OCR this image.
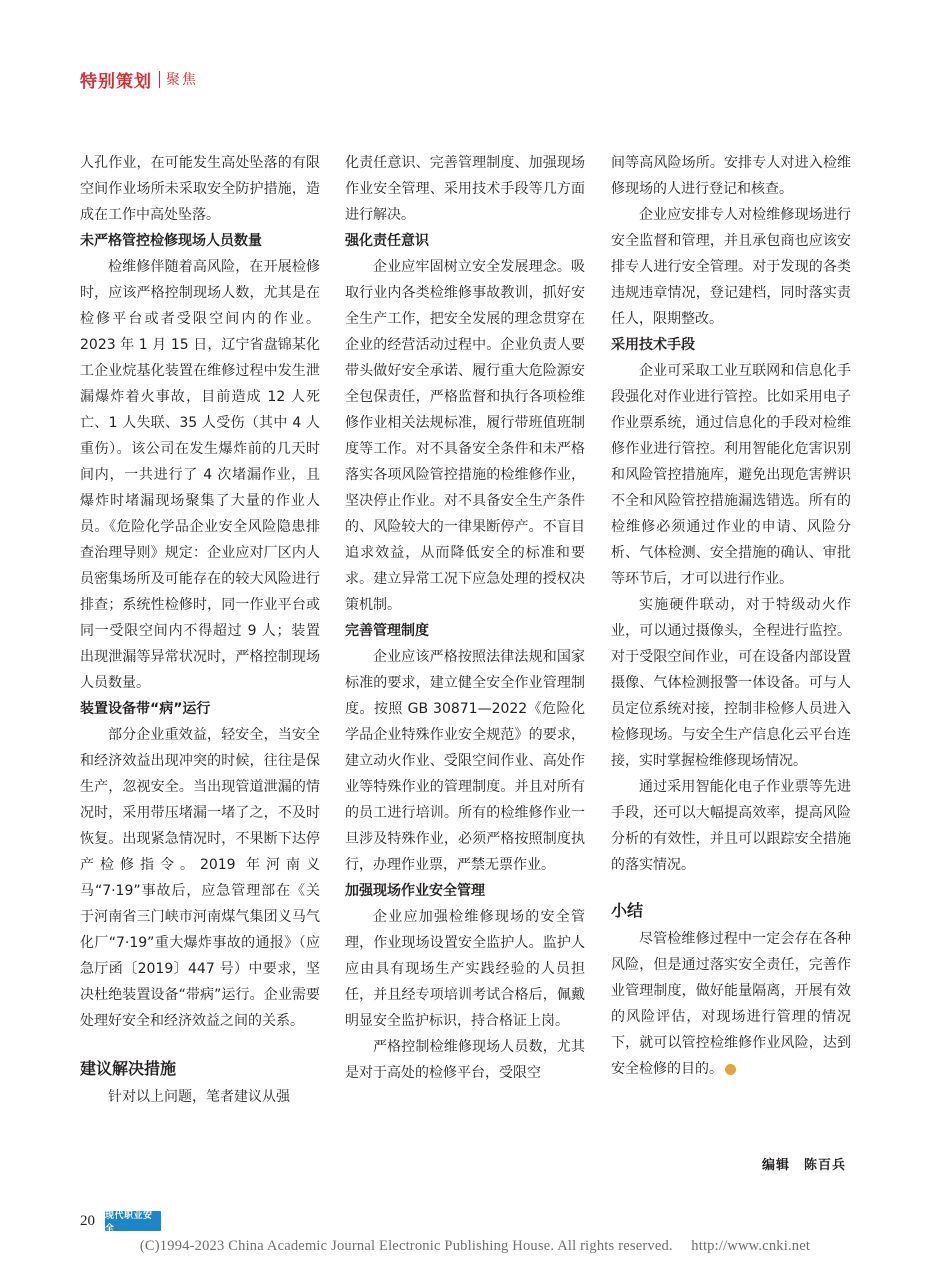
特别策划 聚焦

人孔作业，在可能发生高处坠落的有限空间作业场所未采取安全防护措施，造成在工作中高处坠落。

未严格管控检修现场人员数量

检维修伴随着高风险，在开展检修时，应该严格控制现场人数，尤其是在检修平台或者受限空间内的作业。2023 年 1 月 15 日，辽宁省盘锦某化工企业烷基化装置在维修过程中发生泄漏爆炸着火事故，目前造成 12 人死亡、1 人失联、35 人受伤（其中 4 人重伤）。该公司在发生爆炸前的几天时间内，一共进行了 4 次堵漏作业，且爆炸时堵漏现场聚集了大量的作业人员。《危险化学品企业安全风险隐患排查治理导则》规定：企业应对厂区内人员密集场所及可能存在的较大风险进行排查；系统性检修时，同一作业平台或同一受限空间内不得超过 9 人；装置出现泄漏等异常状况时，严格控制现场人员数量。

装置设备带“病”运行

部分企业重效益，轻安全，当安全和经济效益出现冲突的时候，往往是保生产，忽视安全。当出现管道泄漏的情况时，采用带压堵漏一堵了之，不及时恢复。出现紧急情况时，不果断下达停产检修指令。2019 年河南义马“7·19”事故后，应急管理部在《关于河南省三门峡市河南煤气集团义马气化厂“7·19”重大爆炸事故的通报》（应急厅函〔2019〕447 号）中要求，坚决杜绝装置设备“带病”运行。企业需要处理好安全和经济效益之间的关系。

建议解决措施

针对以上问题，笔者建议从强

化责任意识、完善管理制度、加强现场作业安全管理、采用技术手段等几方面进行解决。

强化责任意识

企业应牢固树立安全发展理念。吸取行业内各类检维修事故教训，抓好安全生产工作，把安全发展的理念贯穿在企业的经营活动过程中。企业负责人要带头做好安全承诺、履行重大危险源安全包保责任，严格监督和执行各项检维修作业相关法规标准，履行带班值班制度等工作。对不具备安全条件和未严格落实各项风险管控措施的检维修作业，坚决停止作业。对不具备安全生产条件的、风险较大的一律果断停产。不盲目追求效益，从而降低安全的标准和要求。建立异常工况下应急处理的授权决策机制。

完善管理制度

企业应该严格按照法律法规和国家标准的要求，建立健全安全作业管理制度。按照 GB 30871—2022《危险化学品企业特殊作业安全规范》的要求，建立动火作业、受限空间作业、高处作业等特殊作业的管理制度。并且对所有的员工进行培训。所有的检维修作业一旦涉及特殊作业，必须严格按照制度执行，办理作业票，严禁无票作业。

加强现场作业安全管理

企业应加强检维修现场的安全管理，作业现场设置安全监护人。监护人应由具有现场生产实践经验的人员担任，并且经专项培训考试合格后，佩戴明显安全监护标识，持合格证上岗。

严格控制检维修现场人员数，尤其是对于高处的检修平台，受限空

间等高风险场所。安排专人对进入检维修现场的人进行登记和核查。

企业应安排专人对检维修现场进行安全监督和管理，并且承包商也应该安排专人进行安全管理。对于发现的各类违规违章情况，登记建档，同时落实责任人，限期整改。

采用技术手段

企业可采取工业互联网和信息化手段强化对作业进行管控。比如采用电子作业票系统，通过信息化的手段对检维修作业进行管控。利用智能化危害识别和风险管控措施库，避免出现危害辨识不全和风险管控措施漏选错选。所有的检维修必须通过作业的申请、风险分析、气体检测、安全措施的确认、审批等环节后，才可以进行作业。

实施硬件联动，对于特级动火作业，可以通过摄像头，全程进行监控。对于受限空间作业，可在设备内部设置摄像、气体检测报警一体设备。可与人员定位系统对接，控制非检修人员进入检修现场。与安全生产信息化云平台连接，实时掌握检维修现场情况。

通过采用智能化电子作业票等先进手段，还可以大幅提高效率，提高风险分析的有效性，并且可以跟踪安全措施的落实情况。

小结

尽管检维修过程中一定会存在各种风险，但是通过落实安全责任，完善作业管理制度，做好能量隔离，开展有效的风险评估，对现场进行管理的情况下，就可以管控检维修作业风险，达到安全检修的目的。

编辑　陈百兵
20 现代职业安全
(C)1994-2023 China Academic Journal Electronic Publishing House. All rights reserved.　 http://www.cnki.net
